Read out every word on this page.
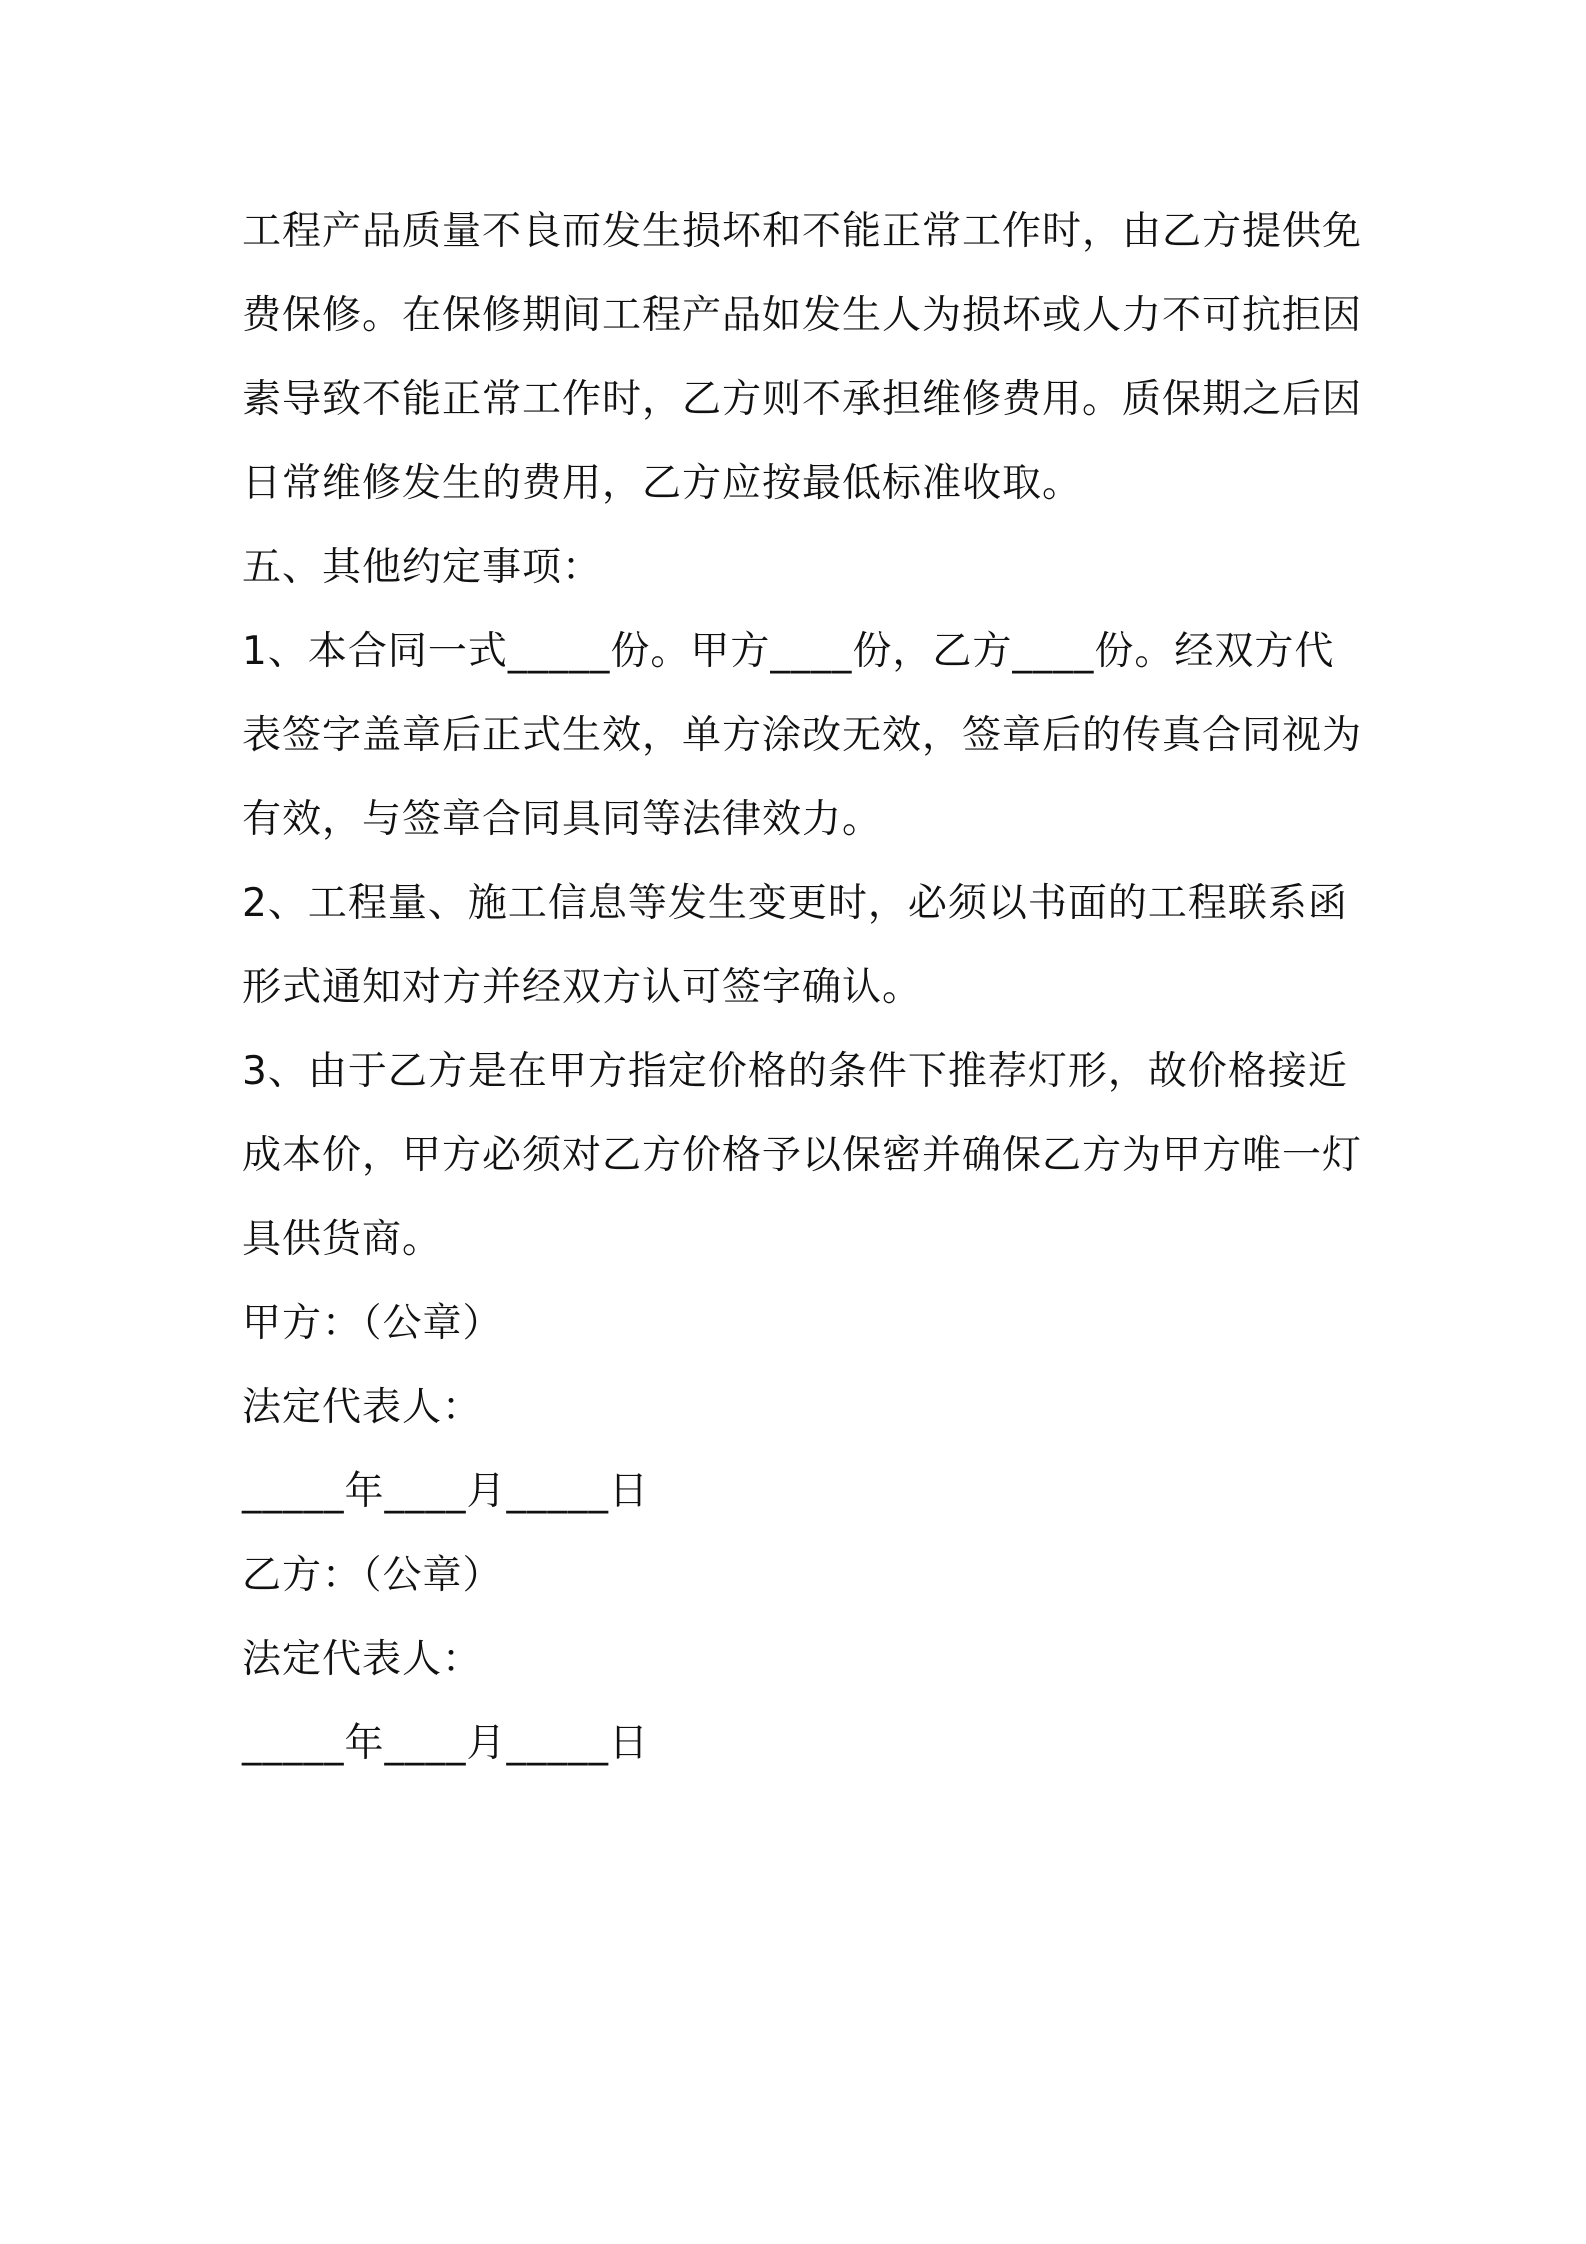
工程产品质量不良而发生损坏和不能正常工作时，由乙方提供免
费保修。在保修期间工程产品如发生人为损坏或人力不可抗拒因
素导致不能正常工作时，乙方则不承担维修费用。质保期之后因
日常维修发生的费用，乙方应按最低标准收取。
五、其他约定事项：
1、本合同一式_____份。甲方____份，乙方____份。经双方代
表签字盖章后正式生效，单方涂改无效，签章后的传真合同视为
有效，与签章合同具同等法律效力。
2、工程量、施工信息等发生变更时，必须以书面的工程联系函
形式通知对方并经双方认可签字确认。
3、由于乙方是在甲方指定价格的条件下推荐灯形，故价格接近
成本价，甲方必须对乙方价格予以保密并确保乙方为甲方唯一灯
具供货商。
甲方：（公章）
法定代表人：
_____年____月_____日
乙方：（公章）
法定代表人：
_____年____月_____日
